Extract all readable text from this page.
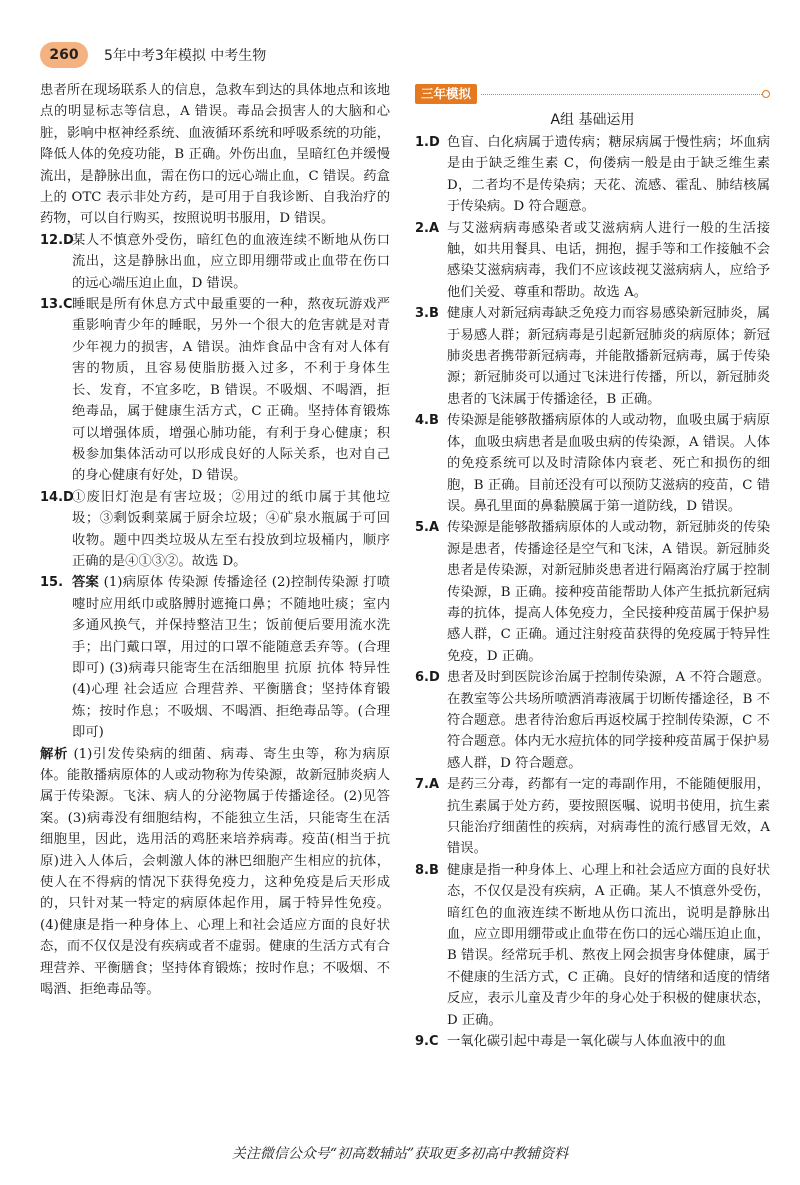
260	5年中考3年模拟 中考生物

患者所在现场联系人的信息，急救车到达的具体地点和该地点的明显标志等信息，A 错误。毒品会损害人的大脑和心脏，影响中枢神经系统、血液循环系统和呼吸系统的功能，降低人体的免疫功能，B 正确。外伤出血，呈暗红色并缓慢流出，是静脉出血，需在伤口的远心端止血，C 错误。药盒上的 OTC 表示非处方药，是可用于自我诊断、自我治疗的药物，可以自行购买，按照说明书服用，D 错误。

12.D

某人不慎意外受伤，暗红色的血液连续不断地从伤口流出，这是静脉出血，应立即用绷带或止血带在伤口的远心端压迫止血，D 错误。

13.C 睡眠是所有休息方式中最重要的一种，熬夜玩游戏严重影响青少年的睡眠，另外一个很大的危害就是对青少年视力的损害，A 错误。油炸食品中含有对人体有害的物质，且容易使脂肪摄入过多，不利于身体生长、发育，不宜多吃，B 错误。不吸烟、不喝酒，拒绝毒品，属于健康生活方式，C 正确。坚持体育锻炼可以增强体质，增强心肺功能，有利于身心健康；积极参加集体活动可以形成良好的人际关系，也对自己的身心健康有好处，D 错误。

14.D

①废旧灯泡是有害垃圾；②用过的纸巾属于其他垃圾；③剩饭剩菜属于厨余垃圾；④矿泉水瓶属于可回收物。题中四类垃圾从左至右投放到垃圾桶内，顺序正确的是④①③②。故选 D。

15. 答案 (1)病原体 传染源 传播途径 (2)控制传染源 打喷嚏时应用纸巾或胳膊肘遮掩口鼻；不随地吐痰；室内多通风换气，并保持整洁卫生；饭前便后要用流水洗手；出门戴口罩，用过的口罩不能随意丢弃等。(合理即可) (3)病毒只能寄生在活细胞里 抗原 抗体 特异性 (4)心理 社会适应 合理营养、平衡膳食；坚持体育锻炼；按时作息；不吸烟、不喝酒、拒绝毒品等。(合理即可)

解析 (1)引发传染病的细菌、病毒、寄生虫等，称为病原体。能散播病原体的人或动物称为传染源，故新冠肺炎病人属于传染源。飞沫、病人的分泌物属于传播途径。(2)见答案。(3)病毒没有细胞结构，不能独立生活，只能寄生在活细胞里，因此，选用活的鸡胚来培养病毒。疫苗(相当于抗原)进入人体后，会刺激人体的淋巴细胞产生相应的抗体，使人在不得病的情况下获得免疫力，这种免疫是后天形成的，只针对某一特定的病原体起作用，属于特异性免疫。(4)健康是指一种身体上、心理上和社会适应方面的良好状态，而不仅仅是没有疾病或者不虚弱。健康的生活方式有合理营养、平衡膳食；坚持体育锻炼；按时作息；不吸烟、不喝酒、拒绝毒品等。

三年模拟
A组 基础运用
1.D 色盲、白化病属于遗传病；糖尿病属于慢性病；坏血病是由于缺乏维生素 C，佝偻病一般是由于缺乏维生素 D，二者均不是传染病；天花、流感、霍乱、肺结核属于传染病。D 符合题意。

2.A 与艾滋病病毒感染者或艾滋病病人进行一般的生活接触，如共用餐具、电话，拥抱，握手等和工作接触不会感染艾滋病病毒，我们不应该歧视艾滋病病人，应给予他们关爱、尊重和帮助。故选 A。

3.B 健康人对新冠病毒缺乏免疫力而容易感染新冠肺炎，属于易感人群；新冠病毒是引起新冠肺炎的病原体；新冠肺炎患者携带新冠病毒，并能散播新冠病毒，属于传染源；新冠肺炎可以通过飞沫进行传播，所以，新冠肺炎患者的飞沫属于传播途径，B 正确。

4.B 传染源是能够散播病原体的人或动物，血吸虫属于病原体，血吸虫病患者是血吸虫病的传染源，A 错误。人体的免疫系统可以及时清除体内衰老、死亡和损伤的细胞，B 正确。目前还没有可以预防艾滋病的疫苗，C 错误。鼻孔里面的鼻黏膜属于第一道防线，D 错误。

5.A 传染源是能够散播病原体的人或动物，新冠肺炎的传染源是患者，传播途径是空气和飞沫，A 错误。新冠肺炎患者是传染源，对新冠肺炎患者进行隔离治疗属于控制传染源，B 正确。接种疫苗能帮助人体产生抵抗新冠病毒的抗体，提高人体免疫力，全民接种疫苗属于保护易感人群，C 正确。通过注射疫苗获得的免疫属于特异性免疫，D 正确。

6.D 患者及时到医院诊治属于控制传染源，A 不符合题意。在教室等公共场所喷洒消毒液属于切断传播途径，B 不符合题意。患者待治愈后再返校属于控制传染源，C 不符合题意。体内无水痘抗体的同学接种疫苗属于保护易感人群，D 符合题意。

7.A 是药三分毒，药都有一定的毒副作用，不能随便服用，抗生素属于处方药，要按照医嘱、说明书使用，抗生素只能治疗细菌性的疾病，对病毒性的流行感冒无效，A 错误。

8.B 健康是指一种身体上、心理上和社会适应方面的良好状态，不仅仅是没有疾病，A 正确。某人不慎意外受伤，暗红色的血液连续不断地从伤口流出，说明是静脉出血，应立即用绷带或止血带在伤口的远心端压迫止血，B 错误。经常玩手机、熬夜上网会损害身体健康，属于不健康的生活方式，C 正确。良好的情绪和适度的情绪反应，表示儿童及青少年的身心处于积极的健康状态，D 正确。

9.C 一氧化碳引起中毒是一氧化碳与人体血液中的血

关注微信公众号“初高数辅站”获取更多初高中教辅资料
